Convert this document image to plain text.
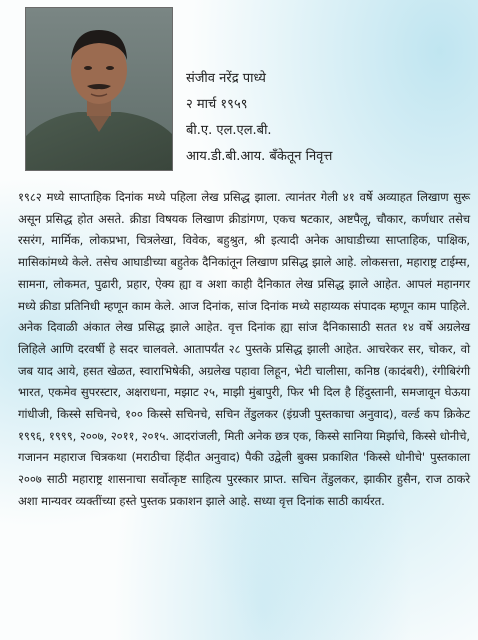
संजीव नरेंद्र पाध्ये
२ मार्च १९५९
बी.ए. एल.एल.बी.
आय.डी.बी.आय. बँकेतून निवृत्त

१९८२ मध्ये साप्ताहिक दिनांक मध्ये पहिला लेख प्रसिद्ध झाला. त्यानंतर गेली ४१ वर्षे अव्याहत लिखाण सुरू असून प्रसिद्ध होत असते. क्रीडा विषयक लिखाण क्रीडांगण, एकच षटकार, अष्टपैलू, चौकार, कर्णधार तसेच रसरंग, मार्मिक, लोकप्रभा, चित्रलेखा, विवेक, बहुश्रुत, श्री इत्यादी अनेक आघाडीच्या साप्ताहिक, पाक्षिक, मासिकांमध्ये केले. तसेच आघाडीच्या बहुतेक दैनिकांतून लिखाण प्रसिद्ध झाले आहे. लोकसत्ता, महाराष्ट्र टाईम्स, सामना, लोकमत, पुढारी, प्रहार, ऐक्य ह्या व अशा काही दैनिकात लेख प्रसिद्ध झाले आहेत. आपलं महानगर मध्ये क्रीडा प्रतिनिधी म्हणून काम केले. आज दिनांक, सांज दिनांक मध्ये सहाय्यक संपादक म्हणून काम पाहिले. अनेक दिवाळी अंकात लेख प्रसिद्ध झाले आहेत. वृत्त दिनांक ह्या सांज दैनिकासाठी सतत १४ वर्षे अग्रलेख लिहिले आणि दरवर्षी हे सदर चालवले. आतापर्यंत २८ पुस्तके प्रसिद्ध झाली आहेत. आचरेकर सर, चोकर, वो जब याद आये, हसत खेळत, स्वाराभिषेकी, अग्रलेख पहावा लिहून, भेटी चालीसा, कनिष्ठ (कादंबरी), रंगीबिरंगी भारत, एकमेव सुपरस्टार, अक्षराधना, मझाट २५, माझी मुंबापुरी, फिर भी दिल है हिंदुस्तानी, समजावून घेऊया गांधीजी, किस्से सचिनचे, १०० किस्से सचिनचे, सचिन तेंडुलकर (इंग्रजी पुस्तकाचा अनुवाद), वर्ल्ड कप क्रिकेट १९९६, १९९९, २००७, २०११, २०१५. आदरांजली, मिती अनेक छत्र एक, किस्से सानिया मिर्झाचे, किस्से धोनीचे, गजानन महाराज चित्रकथा (मराठीचा हिंदीत अनुवाद) पैकी उद्वेली बुक्स प्रकाशित 'किस्से धोनीचे' पुस्तकाला २००७ साठी महाराष्ट्र शासनाचा सर्वोत्कृष्ट साहित्य पुरस्कार प्राप्त. सचिन तेंडुलकर, झाकीर हुसैन, राज ठाकरे अशा मान्यवर व्यक्तींच्या हस्ते पुस्तक प्रकाशन झाले आहे. सध्या वृत्त दिनांक साठी कार्यरत.
